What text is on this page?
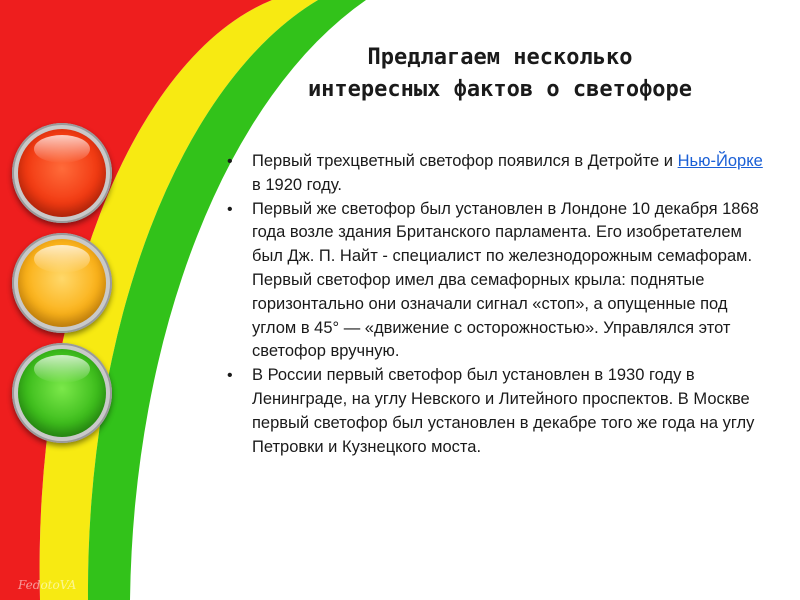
Предлагаем несколько
интересных фактов о светофоре
• Первый трехцветный светофор появился в Детройте и Нью-Йорке в 1920 году.
• Первый же светофор был установлен в Лондоне 10 декабря 1868 года возле здания Британского парламента. Его изобретателем был Дж. П. Найт - специалист по железнодорожным семафорам. Первый светофор имел два семафорных крыла: поднятые горизонтально они означали сигнал «стоп», а опущенные под углом в 45° — «движение с осторожностью». Управлялся этот светофор вручную.
• В России первый светофор был установлен в 1930 году в Ленинграде, на углу Невского и Литейного проспектов. В Москве первый светофор был установлен в декабре того же года на углу Петровки и Кузнецкого моста.
FedotoVA
